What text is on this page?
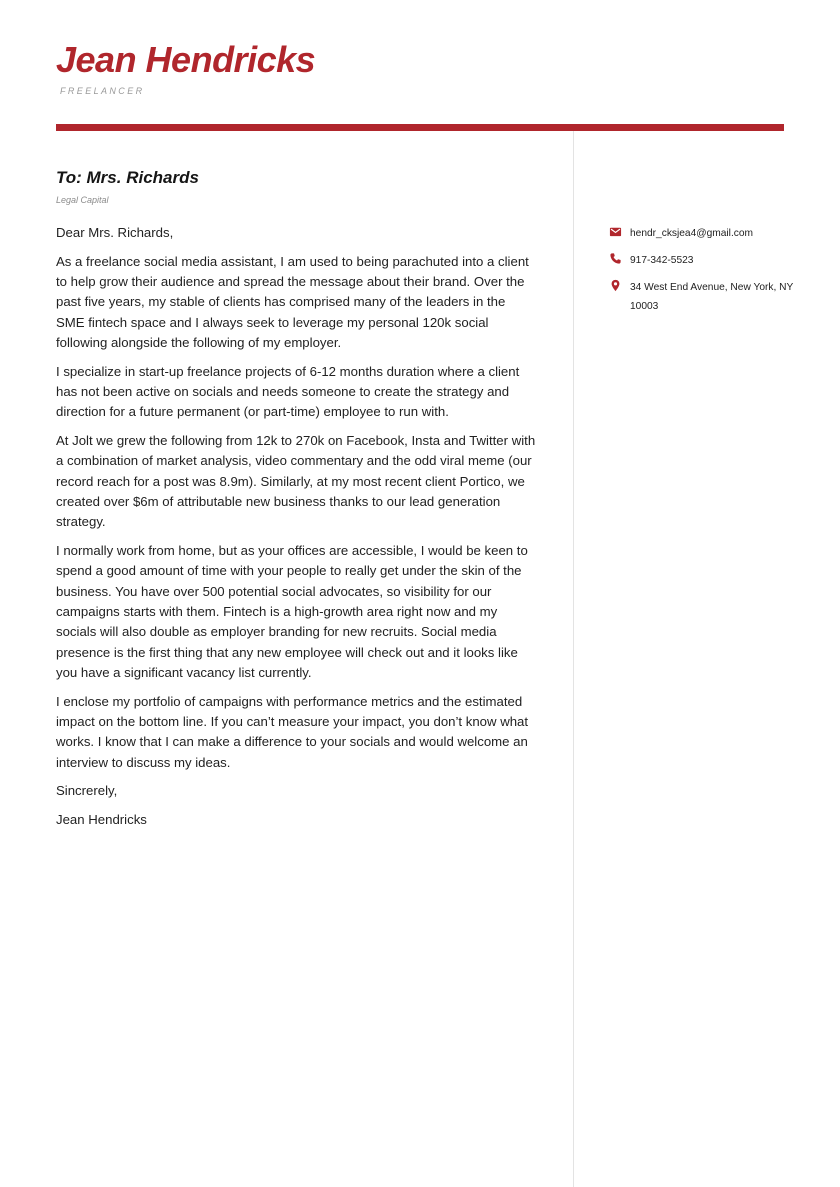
Jean Hendricks
FREELANCER
To: Mrs. Richards
Legal Capital

Dear Mrs. Richards,

As a freelance social media assistant, I am used to being parachuted into a client to help grow their audience and spread the message about their brand. Over the past five years, my stable of clients has comprised many of the leaders in the SME fintech space and I always seek to leverage my personal 120k social following alongside the following of my employer.

I specialize in start-up freelance projects of 6-12 months duration where a client has not been active on socials and needs someone to create the strategy and direction for a future permanent (or part-time) employee to run with.

At Jolt we grew the following from 12k to 270k on Facebook, Insta and Twitter with a combination of market analysis, video commentary and the odd viral meme (our record reach for a post was 8.9m). Similarly, at my most recent client Portico, we created over $6m of attributable new business thanks to our lead generation strategy.

I normally work from home, but as your offices are accessible, I would be keen to spend a good amount of time with your people to really get under the skin of the business. You have over 500 potential social advocates, so visibility for our campaigns starts with them. Fintech is a high-growth area right now and my socials will also double as employer branding for new recruits. Social media presence is the first thing that any new employee will check out and it looks like you have a significant vacancy list currently.

I enclose my portfolio of campaigns with performance metrics and the estimated impact on the bottom line. If you can’t measure your impact, you don’t know what works. I know that I can make a difference to your socials and would welcome an interview to discuss my ideas.

Sincrerely,

Jean Hendricks

hendr_cksjea4@gmail.com
917-342-5523
34 West End Avenue, New York, NY 10003
